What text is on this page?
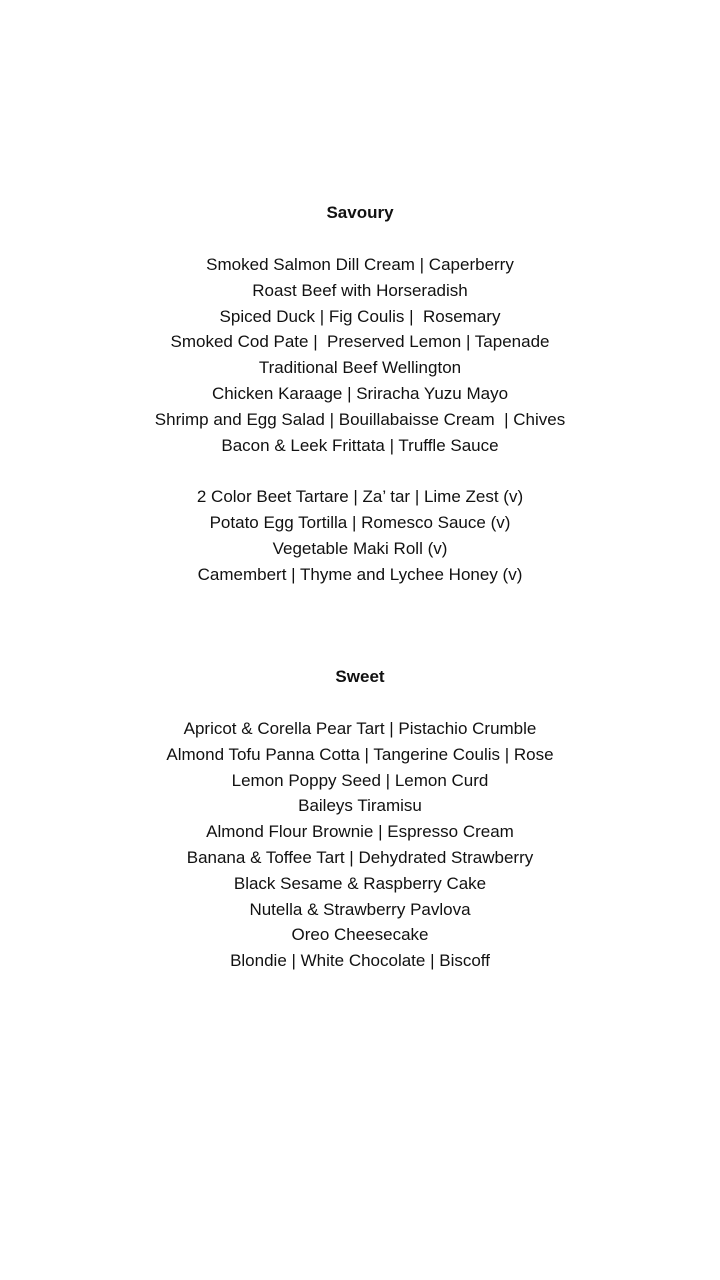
Savoury
Smoked Salmon Dill Cream | Caperberry
Roast Beef with Horseradish
Spiced Duck | Fig Coulis |  Rosemary
Smoked Cod Pate |  Preserved Lemon | Tapenade
Traditional Beef Wellington
Chicken Karaage | Sriracha Yuzu Mayo
Shrimp and Egg Salad | Bouillabaisse Cream  | Chives
Bacon & Leek Frittata | Truffle Sauce
2 Color Beet Tartare | Za’ tar | Lime Zest (v)
Potato Egg Tortilla | Romesco Sauce (v)
Vegetable Maki Roll (v)
Camembert | Thyme and Lychee Honey (v)
Sweet
Apricot & Corella Pear Tart | Pistachio Crumble
Almond Tofu Panna Cotta | Tangerine Coulis | Rose
Lemon Poppy Seed | Lemon Curd
Baileys Tiramisu
Almond Flour Brownie | Espresso Cream
Banana & Toffee Tart | Dehydrated Strawberry
Black Sesame & Raspberry Cake
Nutella & Strawberry Pavlova
Oreo Cheesecake
Blondie | White Chocolate | Biscoff
